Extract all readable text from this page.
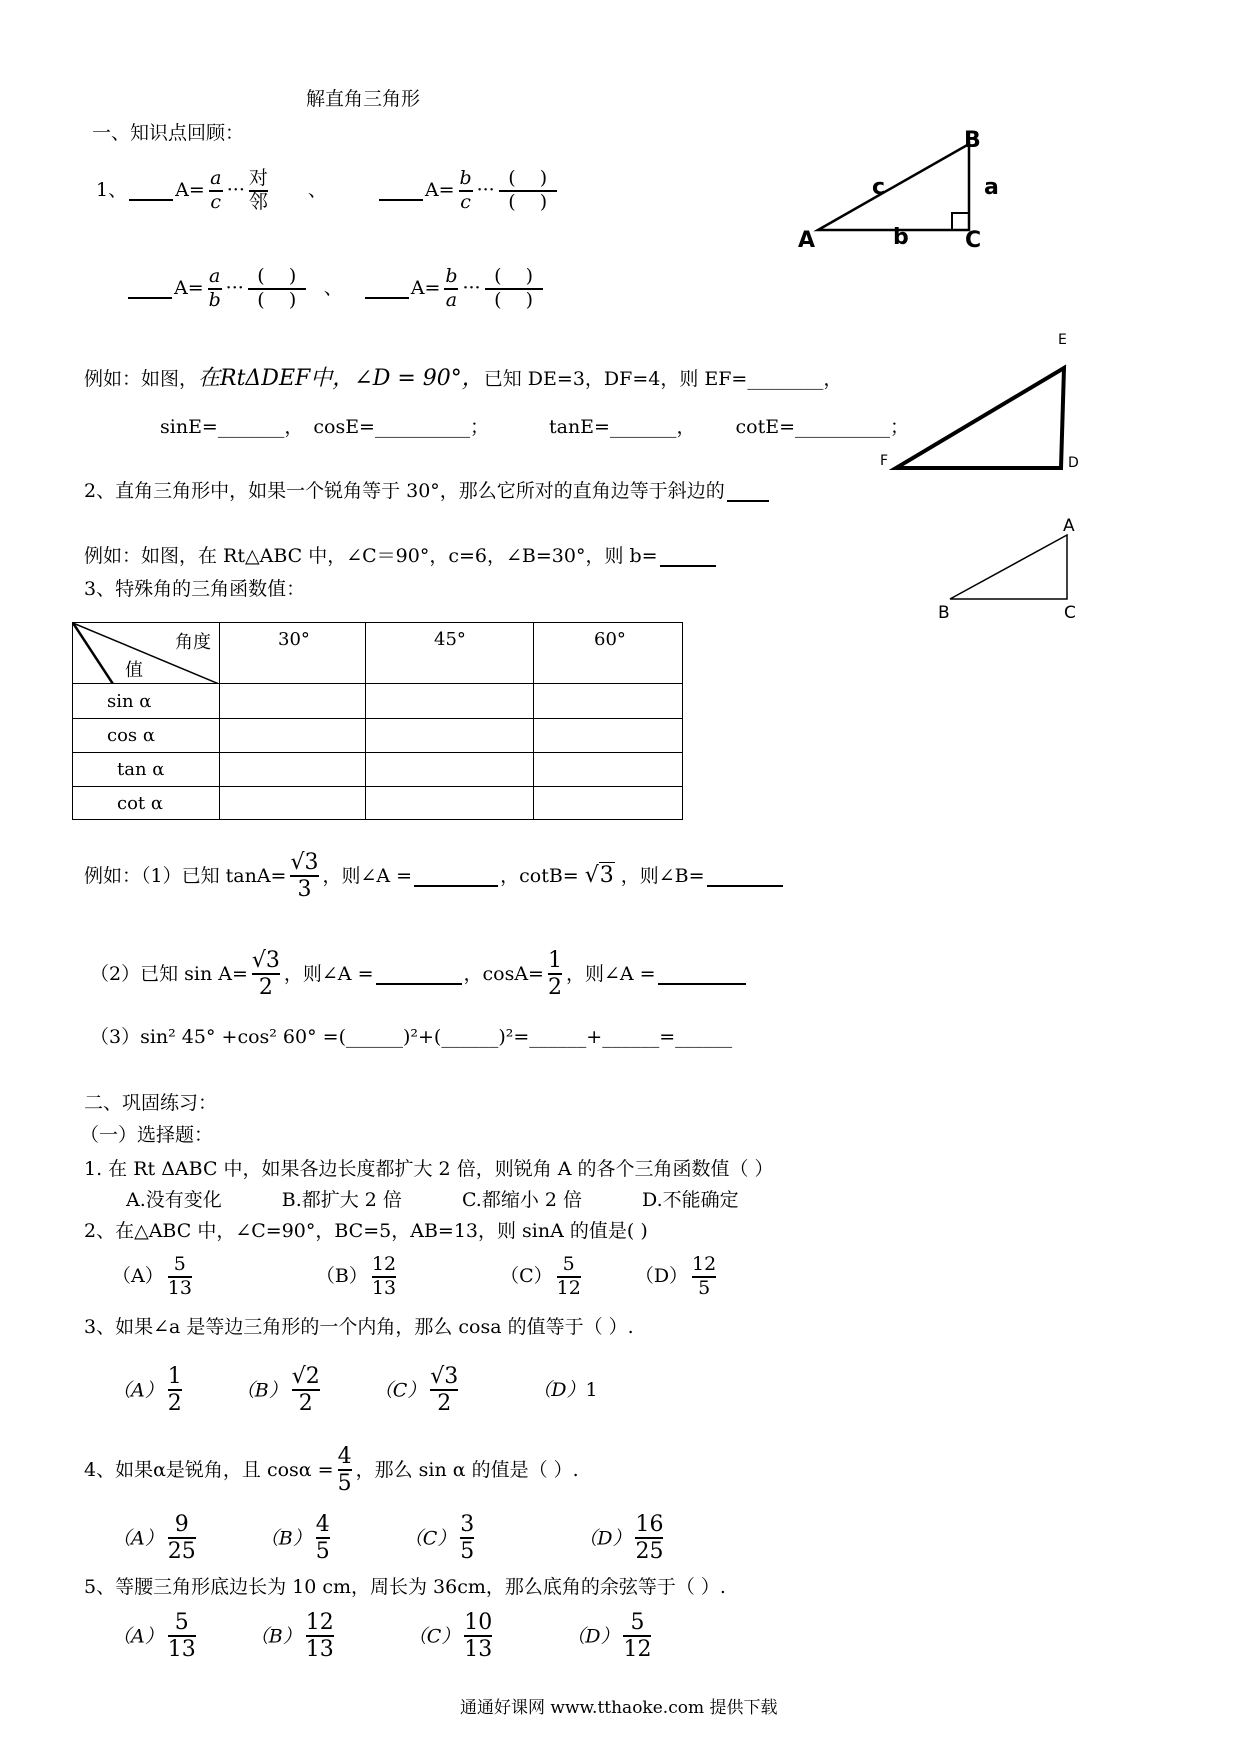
解直角三角形
一、知识点回顾：
1、	$A= \frac{a}{c}$ ··· $\frac{\text{对}}{\text{邻}}$ 、	$A= \frac{b}{c}$ ··· $\frac{( )}{( )}$
$A= \frac{a}{b}$ ··· $\frac{( )}{( )}$ 、	$A= \frac{b}{a}$ ··· $\frac{( )}{( )}$
B
A	C
a
b
c
E
F	D
A
B	C
例如：如图， 在RtΔDEF中，∠D = 90°， 已知 DE=3，DF=4，则 EF=________，
sinE=_______， cosE=__________；	tanE=_______， cotE=__________；
2、直角三角形中，如果一个锐角等于 30°，那么它所对的直角边等于斜边的
例如：如图，在 Rt△ABC 中，∠C＝90°，c=6，∠B=30°，则 b=
3、特殊角的三角函数值：
角度
值	30°	45°	60°
sin α			
cos α			
tan α			
cot α			
例如：（1）已知 $\tan A= \frac{√3}{3}$ ，则∠A =	，cotB= √3 ，则∠B=
（2）已知 $\sin A= \frac{√3}{2}$ ，则∠A =	，$\cos A= \frac{1}{2}$ ，则∠A =
（3）sin² 45° +cos² 60° =(______)²+(______)²=______+______=______
二、巩固练习：
（一）选择题：
1. 在 Rt ΔABC 中，如果各边长度都扩大 2 倍，则锐角 A 的各个三角函数值（ ）
A.没有变化	B.都扩大 2 倍	C.都缩小 2 倍	D.不能确定
2、在△ABC 中，∠C=90°，BC=5，AB=13，则 sinA 的值是( )
$(A) \frac{5}{13}$	$(B) \frac{12}{13}$	$(C) \frac{5}{12}$	$(D) \frac{12}{5}$
3、如果∠a 是等边三角形的一个内角，那么 cosa 的值等于（ ）.
$(A) \frac{1}{2}$	$(B) \frac{√2}{2}$	$(C) \frac{√3}{2}$	（D）1
4、如果α是锐角，且 $\cos\alpha = \frac{4}{5}$ ，那么 sin α 的值是（ ）.
$(A) \frac{9}{25}$	$(B) \frac{4}{5}$	$(C) \frac{3}{5}$	$(D) \frac{16}{25}$
5、等腰三角形底边长为 10 cm，周长为 36cm，那么底角的余弦等于（ ）.
$(A) \frac{5}{13}$	$(B) \frac{12}{13}$	$(C) \frac{10}{13}$	$(D) \frac{5}{12}$
通通好课网 www.tthaoke.com 提供下载
